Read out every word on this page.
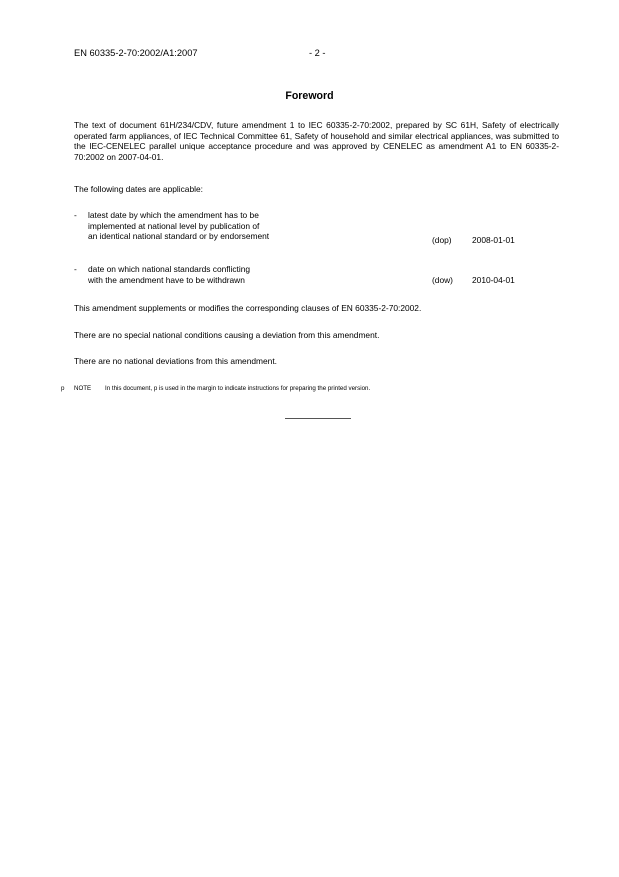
EN 60335-2-70:2002/A1:2007	- 2 -
Foreword
The text of document 61H/234/CDV, future amendment 1 to IEC 60335-2-70:2002, prepared by SC 61H, Safety of electrically operated farm appliances, of IEC Technical Committee 61, Safety of household and similar electrical appliances, was submitted to the IEC-CENELEC parallel unique acceptance procedure and was approved by CENELEC as amendment A1 to EN 60335-2-70:2002 on 2007-04-01.
The following dates are applicable:
- latest date by which the amendment has to be
implemented at national level by publication of
an identical national standard or by endorsement	(dop) 2008-01-01
- date on which national standards conflicting
with the amendment have to be withdrawn	(dow) 2010-04-01
This amendment supplements or modifies the corresponding clauses of EN 60335-2-70:2002.
There are no special national conditions causing a deviation from this amendment.
There are no national deviations from this amendment.
p NOTE In this document, p is used in the margin to indicate instructions for preparing the printed version.
